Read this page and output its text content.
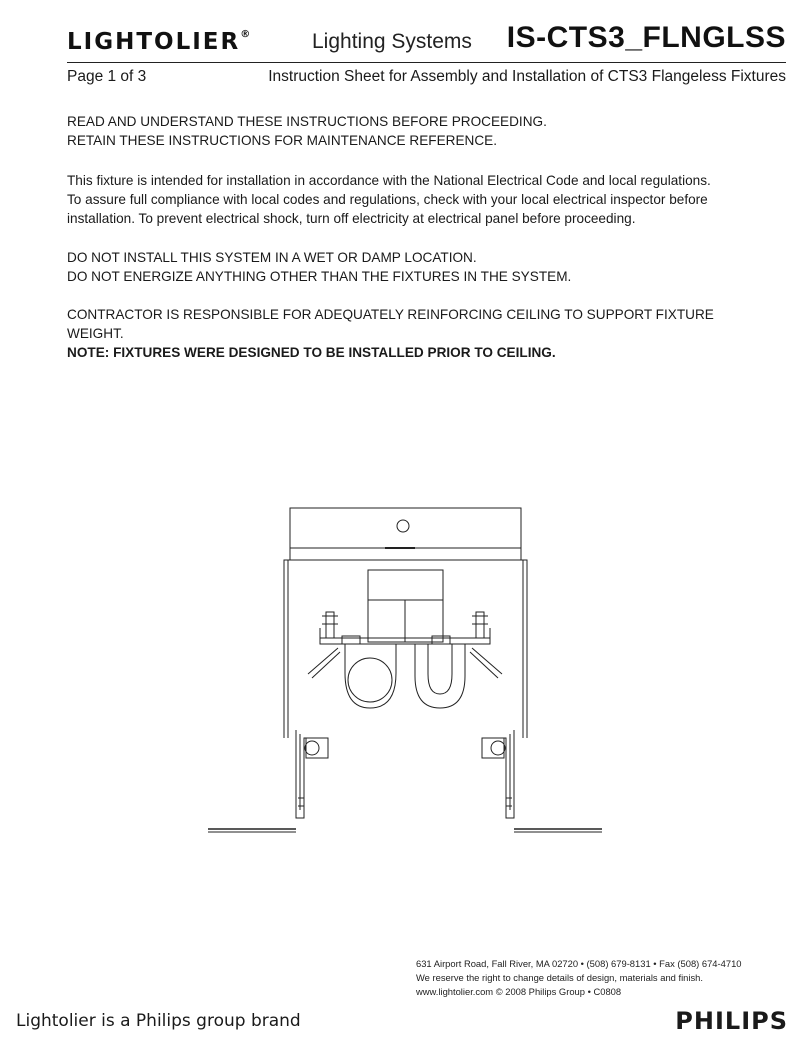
LIGHTOLIER®	Lighting Systems IS-CTS3_FLNGLSS
Page 1 of 3	Instruction Sheet for Assembly and Installation of CTS3 Flangeless Fixtures

READ AND UNDERSTAND THESE INSTRUCTIONS BEFORE PROCEEDING.

RETAIN THESE INSTRUCTIONS FOR MAINTENANCE REFERENCE.

This fixture is intended for installation in accordance with the National Electrical Code and local regulations.

To assure full compliance with local codes and regulations, check with your local electrical inspector before

installation. To prevent electrical shock, turn off electricity at electrical panel before proceeding.

DO NOT INSTALL THIS SYSTEM IN A WET OR DAMP LOCATION.

DO NOT ENERGIZE ANYTHING OTHER THAN THE FIXTURES IN THE SYSTEM.

CONTRACTOR IS RESPONSIBLE FOR ADEQUATELY REINFORCING CEILING TO SUPPORT FIXTURE WEIGHT.

NOTE: FIXTURES WERE DESIGNED TO BE INSTALLED PRIOR TO CEILING.

631 Airport Road, Fall River, MA 02720 • (508) 679-8131 • Fax (508) 674-4710
We reserve the right to change details of design, materials and finish.
www.lightolier.com © 2008 Philips Group • C0808
Lightolier is a Philips group brand	PHILIPS
